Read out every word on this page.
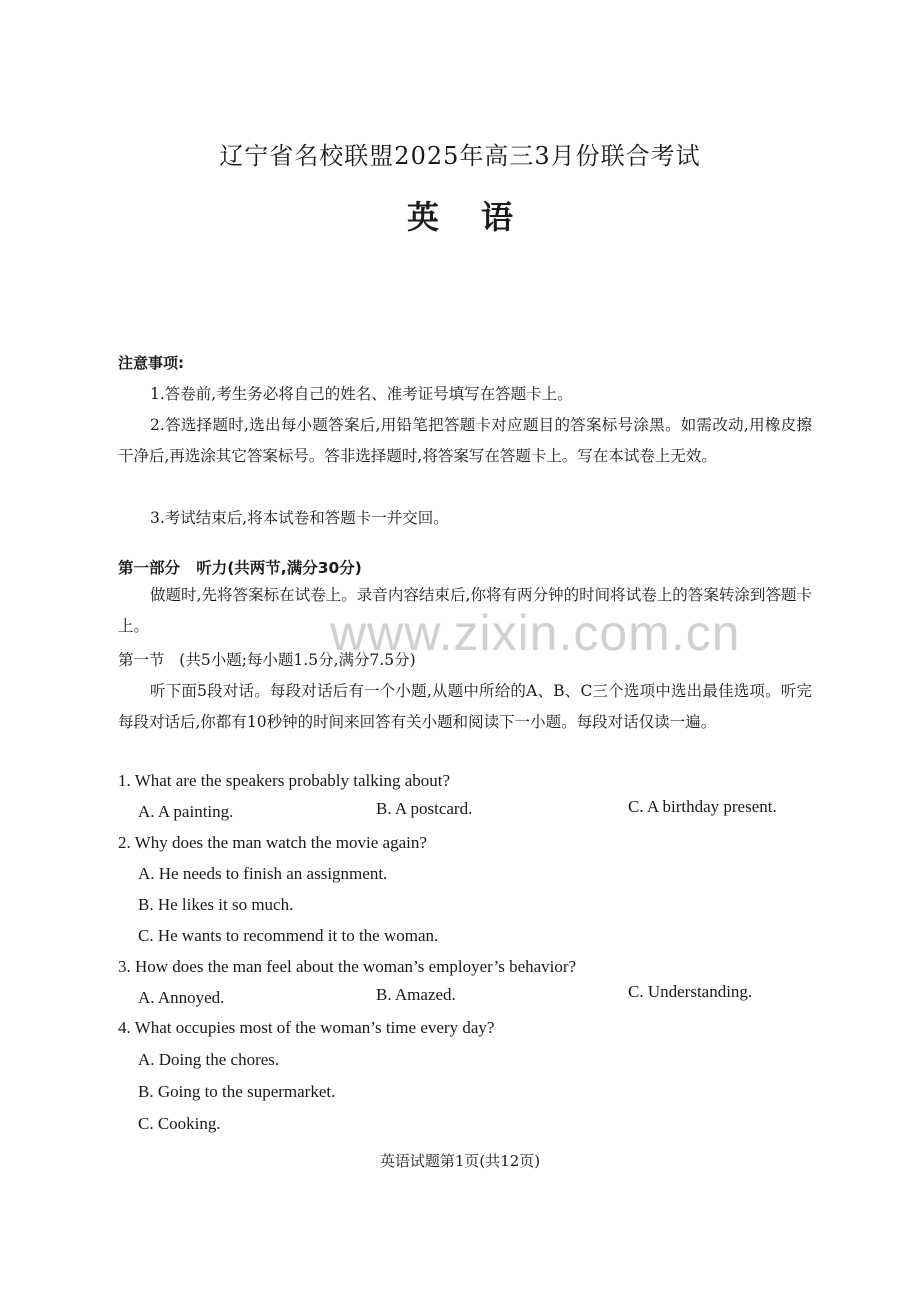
辽宁省名校联盟2025年高三3月份联合考试
英语
注意事项:
1.答卷前,考生务必将自己的姓名、准考证号填写在答题卡上。
2.答选择题时,选出每小题答案后,用铅笔把答题卡对应题目的答案标号涂黑。如需改动,用橡皮擦干净后,再选涂其它答案标号。答非选择题时,将答案写在答题卡上。写在本试卷上无效。
3.考试结束后,将本试卷和答题卡一并交回。
第一部分 听力(共两节,满分30分)
www.zixin.com.cn
做题时,先将答案标在试卷上。录音内容结束后,你将有两分钟的时间将试卷上的答案转涂到答题卡上。
第一节 (共5小题;每小题1.5分,满分7.5分)
听下面5段对话。每段对话后有一个小题,从题中所给的A、B、C三个选项中选出最佳选项。听完每段对话后,你都有10秒钟的时间来回答有关小题和阅读下一小题。每段对话仅读一遍。
1. What are the speakers probably talking about?
A. A painting.	B. A postcard.	C. A birthday present.
2. Why does the man watch the movie again?
A. He needs to finish an assignment.
B. He likes it so much.
C. He wants to recommend it to the woman.
3. How does the man feel about the woman’s employer’s behavior?
A. Annoyed.	B. Amazed.	C. Understanding.
4. What occupies most of the woman’s time every day?
A. Doing the chores.
B. Going to the supermarket.
C. Cooking.
英语试题第1页(共12页)
